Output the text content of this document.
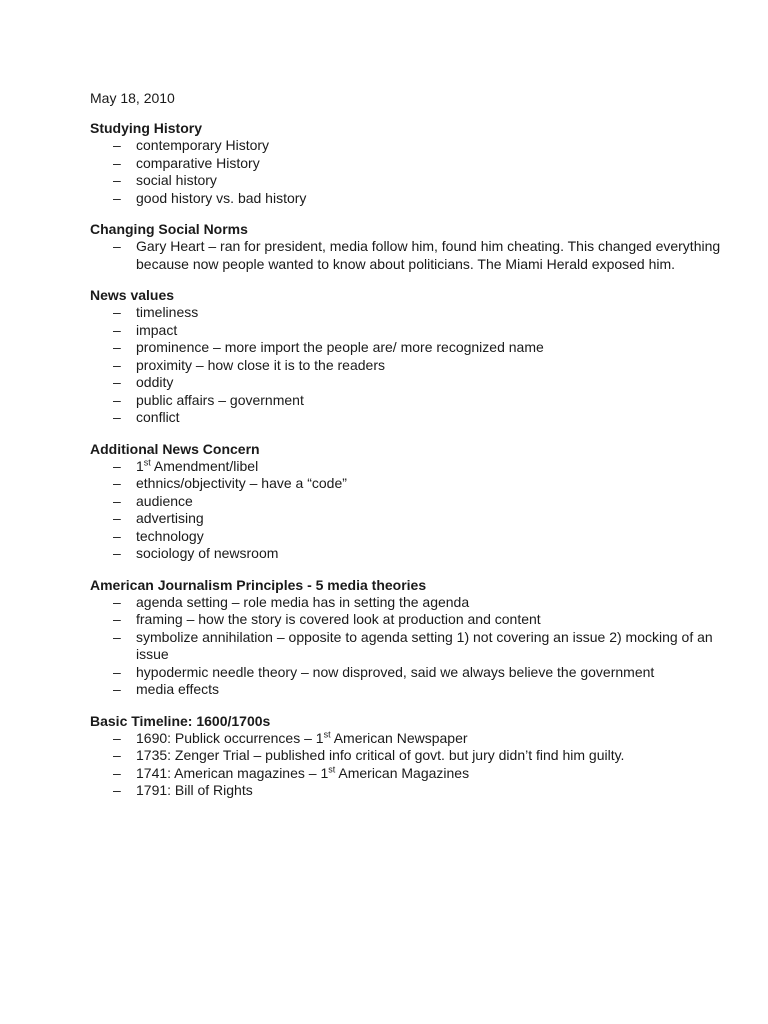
May 18, 2010
Studying History
– contemporary History
– comparative History
– social history
– good history vs. bad history
Changing Social Norms
– Gary Heart – ran for president, media follow him, found him cheating. This changed everything because now people wanted to know about politicians. The Miami Herald exposed him.
News values
– timeliness
– impact
– prominence – more import the people are/ more recognized name
– proximity – how close it is to the readers
– oddity
– public affairs – government
– conflict
Additional News Concern
– 1st Amendment/libel
– ethnics/objectivity – have a “code”
– audience
– advertising
– technology
– sociology of newsroom
American Journalism Principles - 5 media theories
– agenda setting – role media has in setting the agenda
– framing – how the story is covered look at production and content
– symbolize annihilation – opposite to agenda setting 1) not covering an issue 2) mocking of an issue
– hypodermic needle theory – now disproved, said we always believe the government
– media effects
Basic Timeline: 1600/1700s
– 1690: Publick occurrences – 1st American Newspaper
– 1735: Zenger Trial – published info critical of govt. but jury didn’t find him guilty.
– 1741: American magazines – 1st American Magazines
– 1791: Bill of Rights
